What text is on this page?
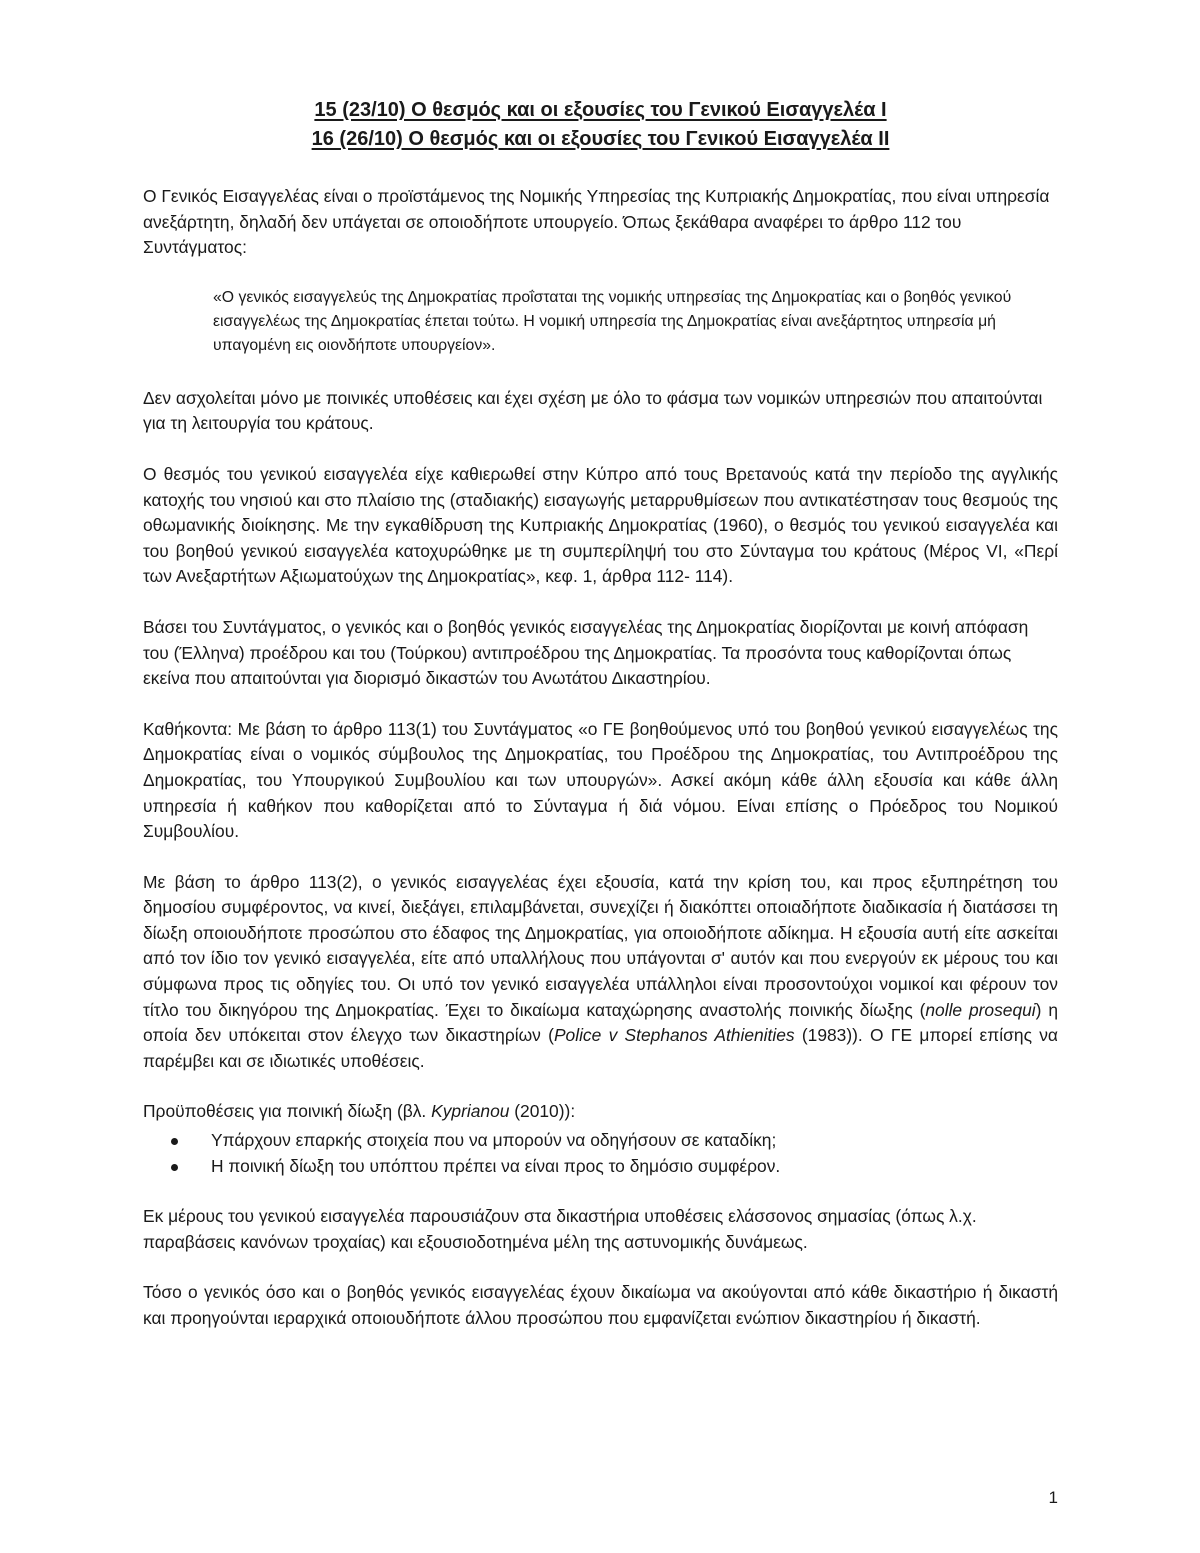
15 (23/10) Ο θεσμός και οι εξουσίες του Γενικού Εισαγγελέα Ι
16 (26/10) Ο θεσμός και οι εξουσίες του Γενικού Εισαγγελέα ΙΙ

Ο Γενικός Εισαγγελέας είναι ο προϊστάμενος της Νομικής Υπηρεσίας της Κυπριακής Δημοκρατίας, που είναι υπηρεσία ανεξάρτητη, δηλαδή δεν υπάγεται σε οποιοδήποτε υπουργείο. Όπως ξεκάθαρα αναφέρει το άρθρο 112 του Συντάγματος:

«Ο γενικός εισαγγελεύς της Δημοκρατίας προΐσταται της νομικής υπηρεσίας της Δημοκρατίας και ο βοηθός γενικού εισαγγελέως της Δημοκρατίας έπεται τούτω. Η νομική υπηρεσία της Δημοκρατίας είναι ανεξάρτητος υπηρεσία μή υπαγομένη εις οιονδήποτε υπουργείον».

Δεν ασχολείται μόνο με ποινικές υποθέσεις και έχει σχέση με όλο το φάσμα των νομικών υπηρεσιών που απαιτούνται για τη λειτουργία του κράτους.

Ο θεσμός του γενικού εισαγγελέα είχε καθιερωθεί στην Κύπρο από τους Βρετανούς κατά την περίοδο της αγγλικής κατοχής του νησιού και στο πλαίσιο της (σταδιακής) εισαγωγής μεταρρυθμίσεων που αντικατέστησαν τους θεσμούς της οθωμανικής διοίκησης. Με την εγκαθίδρυση της Κυπριακής Δημοκρατίας (1960), ο θεσμός του γενικού εισαγγελέα και του βοηθού γενικού εισαγγελέα κατοχυρώθηκε με τη συμπερίληψή του στο Σύνταγμα του κράτους (Μέρος VI, «Περί των Ανεξαρτήτων Αξιωματούχων της Δημοκρατίας», κεφ. 1, άρθρα 112- 114).

Βάσει του Συντάγματος, ο γενικός και ο βοηθός γενικός εισαγγελέας της Δημοκρατίας διορίζονται με κοινή απόφαση του (Έλληνα) προέδρου και του (Τούρκου) αντιπροέδρου της Δημοκρατίας. Τα προσόντα τους καθορίζονται όπως εκείνα που απαιτούνται για διορισμό δικαστών του Ανωτάτου Δικαστηρίου.

Καθήκοντα: Με βάση το άρθρο 113(1) του Συντάγματος «ο ΓΕ βοηθούμενος υπό του βοηθού γενικού εισαγγελέως της Δημοκρατίας είναι ο νομικός σύμβουλος της Δημοκρατίας, του Προέδρου της Δημοκρατίας, του Αντιπροέδρου της Δημοκρατίας, του Υπουργικού Συμβουλίου και των υπουργών». Ασκεί ακόμη κάθε άλλη εξουσία και κάθε άλλη υπηρεσία ή καθήκον που καθορίζεται από το Σύνταγμα ή διά νόμου. Είναι επίσης ο Πρόεδρος του Νομικού Συμβουλίου.

Με βάση το άρθρο 113(2), ο γενικός εισαγγελέας έχει εξουσία, κατά την κρίση του, και προς εξυπηρέτηση του δημοσίου συμφέροντος, να κινεί, διεξάγει, επιλαμβάνεται, συνεχίζει ή διακόπτει οποιαδήποτε διαδικασία ή διατάσσει τη δίωξη οποιουδήποτε προσώπου στο έδαφος της Δημοκρατίας, για οποιοδήποτε αδίκημα. Η εξουσία αυτή είτε ασκείται από τον ίδιο τον γενικό εισαγγελέα, είτε από υπαλλήλους που υπάγονται σ' αυτόν και που ενεργούν εκ μέρους του και σύμφωνα προς τις οδηγίες του. Οι υπό τον γενικό εισαγγελέα υπάλληλοι είναι προσοντούχοι νομικοί και φέρουν τον τίτλο του δικηγόρου της Δημοκρατίας. Έχει το δικαίωμα καταχώρησης αναστολής ποινικής δίωξης (nolle prosequi) η οποία δεν υπόκειται στον έλεγχο των δικαστηρίων (Police v Stephanos Athienities (1983)). Ο ΓΕ μπορεί επίσης να παρέμβει και σε ιδιωτικές υποθέσεις.

Προϋποθέσεις για ποινική δίωξη (βλ. Kyprianou (2010)):

Υπάρχουν επαρκής στοιχεία που να μπορούν να οδηγήσουν σε καταδίκη;
Η ποινική δίωξη του υπόπτου πρέπει να είναι προς το δημόσιο συμφέρον.

Εκ μέρους του γενικού εισαγγελέα παρουσιάζουν στα δικαστήρια υποθέσεις ελάσσονος σημασίας (όπως λ.χ. παραβάσεις κανόνων τροχαίας) και εξουσιοδοτημένα μέλη της αστυνομικής δυνάμεως.

Τόσο ο γενικός όσο και ο βοηθός γενικός εισαγγελέας έχουν δικαίωμα να ακούγονται από κάθε δικαστήριο ή δικαστή και προηγούνται ιεραρχικά οποιουδήποτε άλλου προσώπου που εμφανίζεται ενώπιον δικαστηρίου ή δικαστή.

1
